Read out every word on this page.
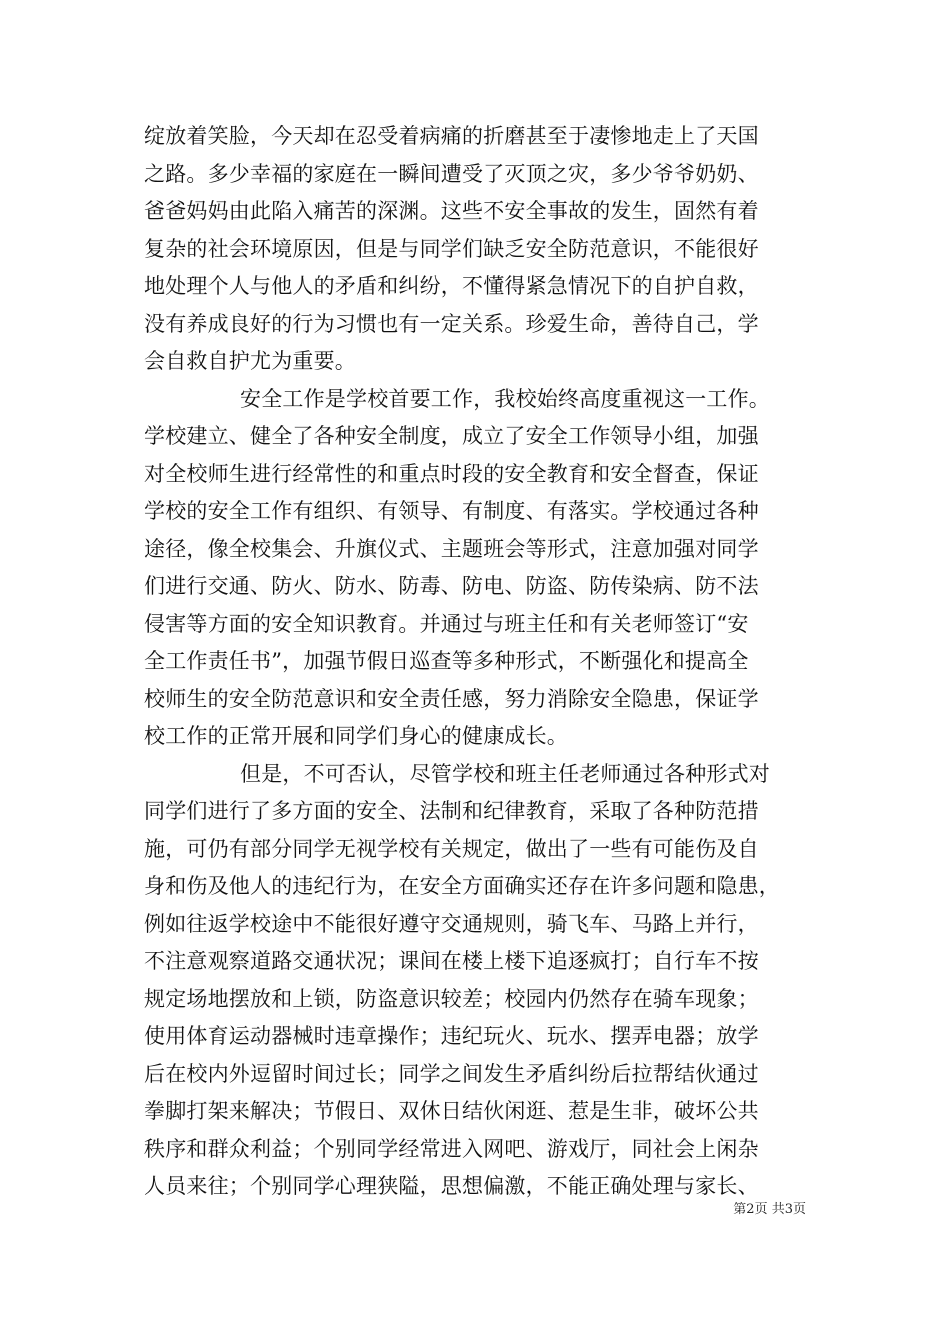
绽放着笑脸，今天却在忍受着病痛的折磨甚至于凄惨地走上了天国
之路。多少幸福的家庭在一瞬间遭受了灭顶之灾，多少爷爷奶奶、
爸爸妈妈由此陷入痛苦的深渊。这些不安全事故的发生，固然有着
复杂的社会环境原因，但是与同学们缺乏安全防范意识，不能很好
地处理个人与他人的矛盾和纠纷，不懂得紧急情况下的自护自救，
没有养成良好的行为习惯也有一定关系。珍爱生命，善待自己，学
会自救自护尤为重要。
安全工作是学校首要工作，我校始终高度重视这一工作。
学校建立、健全了各种安全制度，成立了安全工作领导小组，加强
对全校师生进行经常性的和重点时段的安全教育和安全督查，保证
学校的安全工作有组织、有领导、有制度、有落实。学校通过各种
途径，像全校集会、升旗仪式、主题班会等形式，注意加强对同学
们进行交通、防火、防水、防毒、防电、防盗、防传染病、防不法
侵害等方面的安全知识教育。并通过与班主任和有关老师签订“安
全工作责任书”，加强节假日巡查等多种形式，不断强化和提高全
校师生的安全防范意识和安全责任感，努力消除安全隐患，保证学
校工作的正常开展和同学们身心的健康成长。
但是，不可否认，尽管学校和班主任老师通过各种形式对
同学们进行了多方面的安全、法制和纪律教育，采取了各种防范措
施，可仍有部分同学无视学校有关规定，做出了一些有可能伤及自
身和伤及他人的违纪行为，在安全方面确实还存在许多问题和隐患，
例如往返学校途中不能很好遵守交通规则，骑飞车、马路上并行，
不注意观察道路交通状况；课间在楼上楼下追逐疯打；自行车不按
规定场地摆放和上锁，防盗意识较差；校园内仍然存在骑车现象；
使用体育运动器械时违章操作；违纪玩火、玩水、摆弄电器；放学
后在校内外逗留时间过长；同学之间发生矛盾纠纷后拉帮结伙通过
拳脚打架来解决；节假日、双休日结伙闲逛、惹是生非，破坏公共
秩序和群众利益；个别同学经常进入网吧、游戏厅，同社会上闲杂
人员来往；个别同学心理狭隘，思想偏激，不能正确处理与家长、
第2页 共3页
